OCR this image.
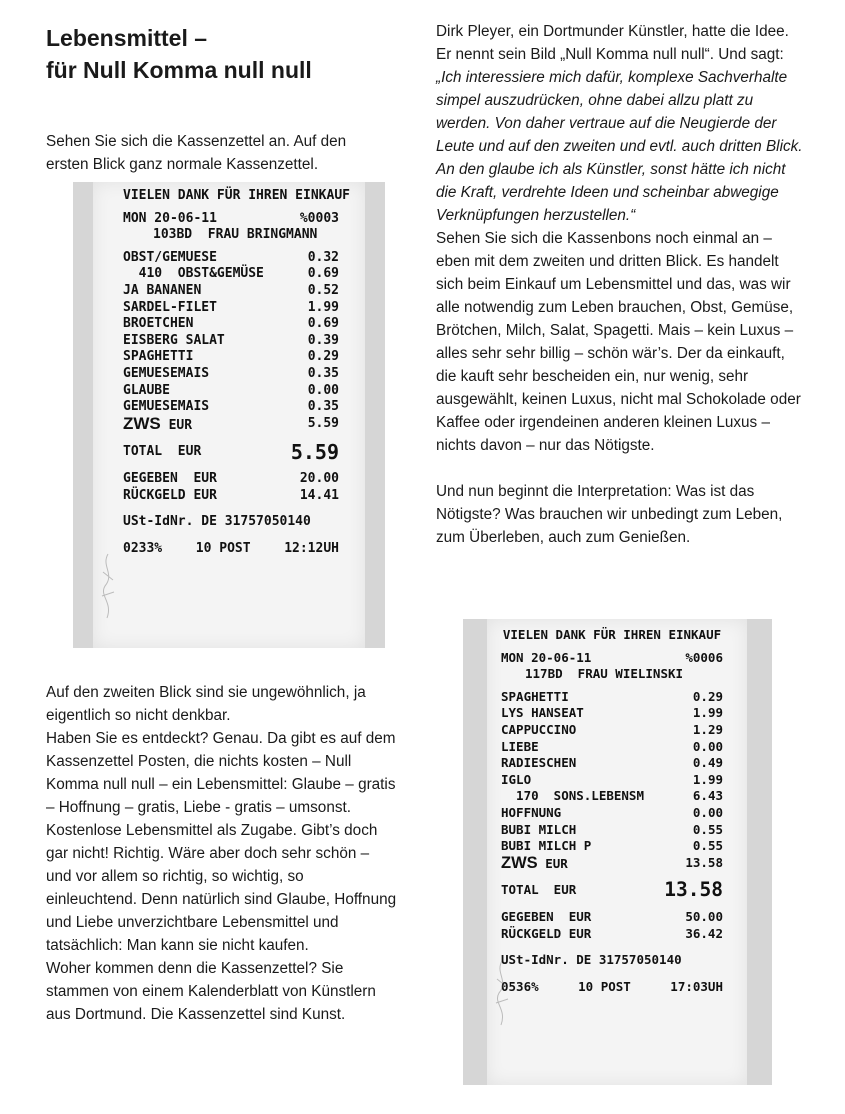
Lebensmittel –
für Null Komma null null

Sehen Sie sich die Kassenzettel an. Auf den ersten Blick ganz normale Kassenzettel.

VIELEN DANK FÜR IHREN EINKAUF
MON 20-06-11	%0003
103BD  FRAU BRINGMANN
OBST/GEMUESE	0.32
410  OBST&GEMÜSE	0.69
JA BANANEN	0.52
SARDEL-FILET	1.99
BROETCHEN	0.69
EISBERG SALAT	0.39
SPAGHETTI	0.29
GEMUESEMAIS	0.35
GLAUBE	0.00
GEMUESEMAIS	0.35
ZWS EUR	5.59
TOTAL  EUR	5.59
GEGEBEN  EUR	20.00
RÜCKGELD EUR	14.41
USt-IdNr. DE 31757050140
0233%	10 POST	12:12UH

Auf den zweiten Blick sind sie ungewöhnlich, ja eigentlich so nicht denkbar.

Haben Sie es entdeckt? Genau. Da gibt es auf dem Kassenzettel Posten, die nichts kosten – Null Komma null null – ein Lebensmittel: Glaube – gratis – Hoffnung – gratis, Liebe - gratis – umsonst.

Kostenlose Lebensmittel als Zugabe. Gibt’s doch gar nicht! Richtig. Wäre aber doch sehr schön – und vor allem so richtig, so wichtig, so einleuchtend. Denn natürlich sind Glaube, Hoffnung und Liebe unverzichtbare Lebensmittel und tatsächlich: Man kann sie nicht kaufen.

Woher kommen denn die Kassenzettel? Sie stammen von einem Kalenderblatt von Künstlern aus Dortmund. Die Kassenzettel sind Kunst.

Dirk Pleyer, ein Dortmunder Künstler, hatte die Idee. Er nennt sein Bild „Null Komma null null“. Und sagt: „Ich interessiere mich dafür, komplexe Sachverhalte simpel auszudrücken, ohne dabei allzu platt zu werden. Von daher vertraue auf die Neugierde der Leute und auf den zweiten und evtl. auch dritten Blick. An den glaube ich als Künstler, sonst hätte ich nicht die Kraft, verdrehte Ideen und scheinbar abwegige Verknüpfungen herzustellen.“

Sehen Sie sich die Kassenbons noch einmal an – eben mit dem zweiten und dritten Blick. Es handelt sich beim Einkauf um Lebensmittel und das, was wir alle notwendig zum Leben brauchen, Obst, Gemüse, Brötchen, Milch, Salat, Spagetti. Mais – kein Luxus – alles sehr sehr billig – schön wär’s. Der da einkauft, die kauft sehr bescheiden ein, nur wenig, sehr ausgewählt, keinen Luxus, nicht mal Schokolade oder Kaffee oder irgendeinen anderen kleinen Luxus – nichts davon – nur das Nötigste.

Und nun beginnt die Interpretation: Was ist das Nötigste? Was brauchen wir unbedingt zum Leben, zum Überleben, auch zum Genießen.

VIELEN DANK FÜR IHREN EINKAUF
MON 20-06-11	%0006
117BD  FRAU WIELINSKI
SPAGHETTI	0.29
LYS HANSEAT	1.99
CAPPUCCINO	1.29
LIEBE	0.00
RADIESCHEN	0.49
IGLO	1.99
170  SONS.LEBENSM	6.43
HOFFNUNG	0.00
BUBI MILCH	0.55
BUBI MILCH P	0.55
ZWS EUR	13.58
TOTAL  EUR	13.58
GEGEBEN  EUR	50.00
RÜCKGELD EUR	36.42
USt-IdNr. DE 31757050140
0536%	10 POST	17:03UH
